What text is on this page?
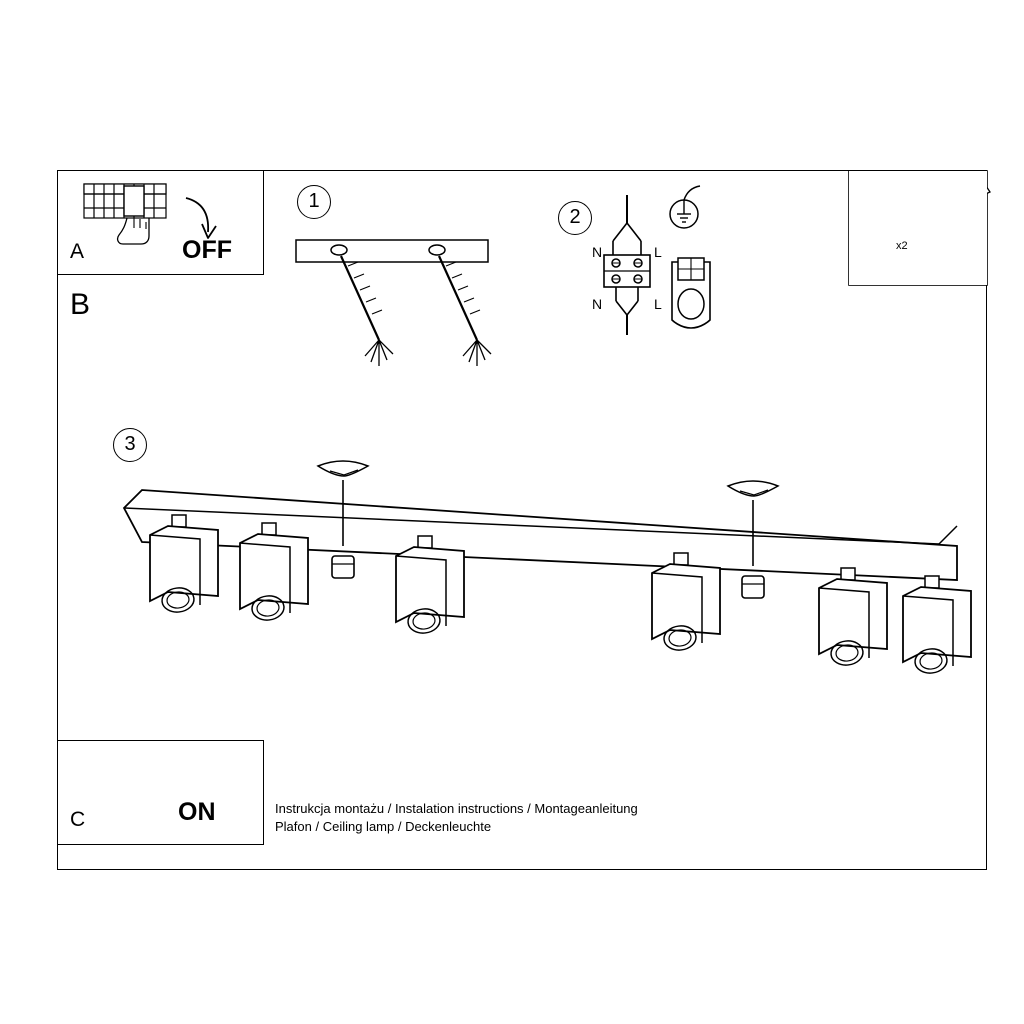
x2
A	OFF
B
C	ON
1
2
3
N	L
N	L
Instrukcja montażu / Instalation instructions / Montageanleitung
Plafon / Ceiling lamp / Deckenleuchte
